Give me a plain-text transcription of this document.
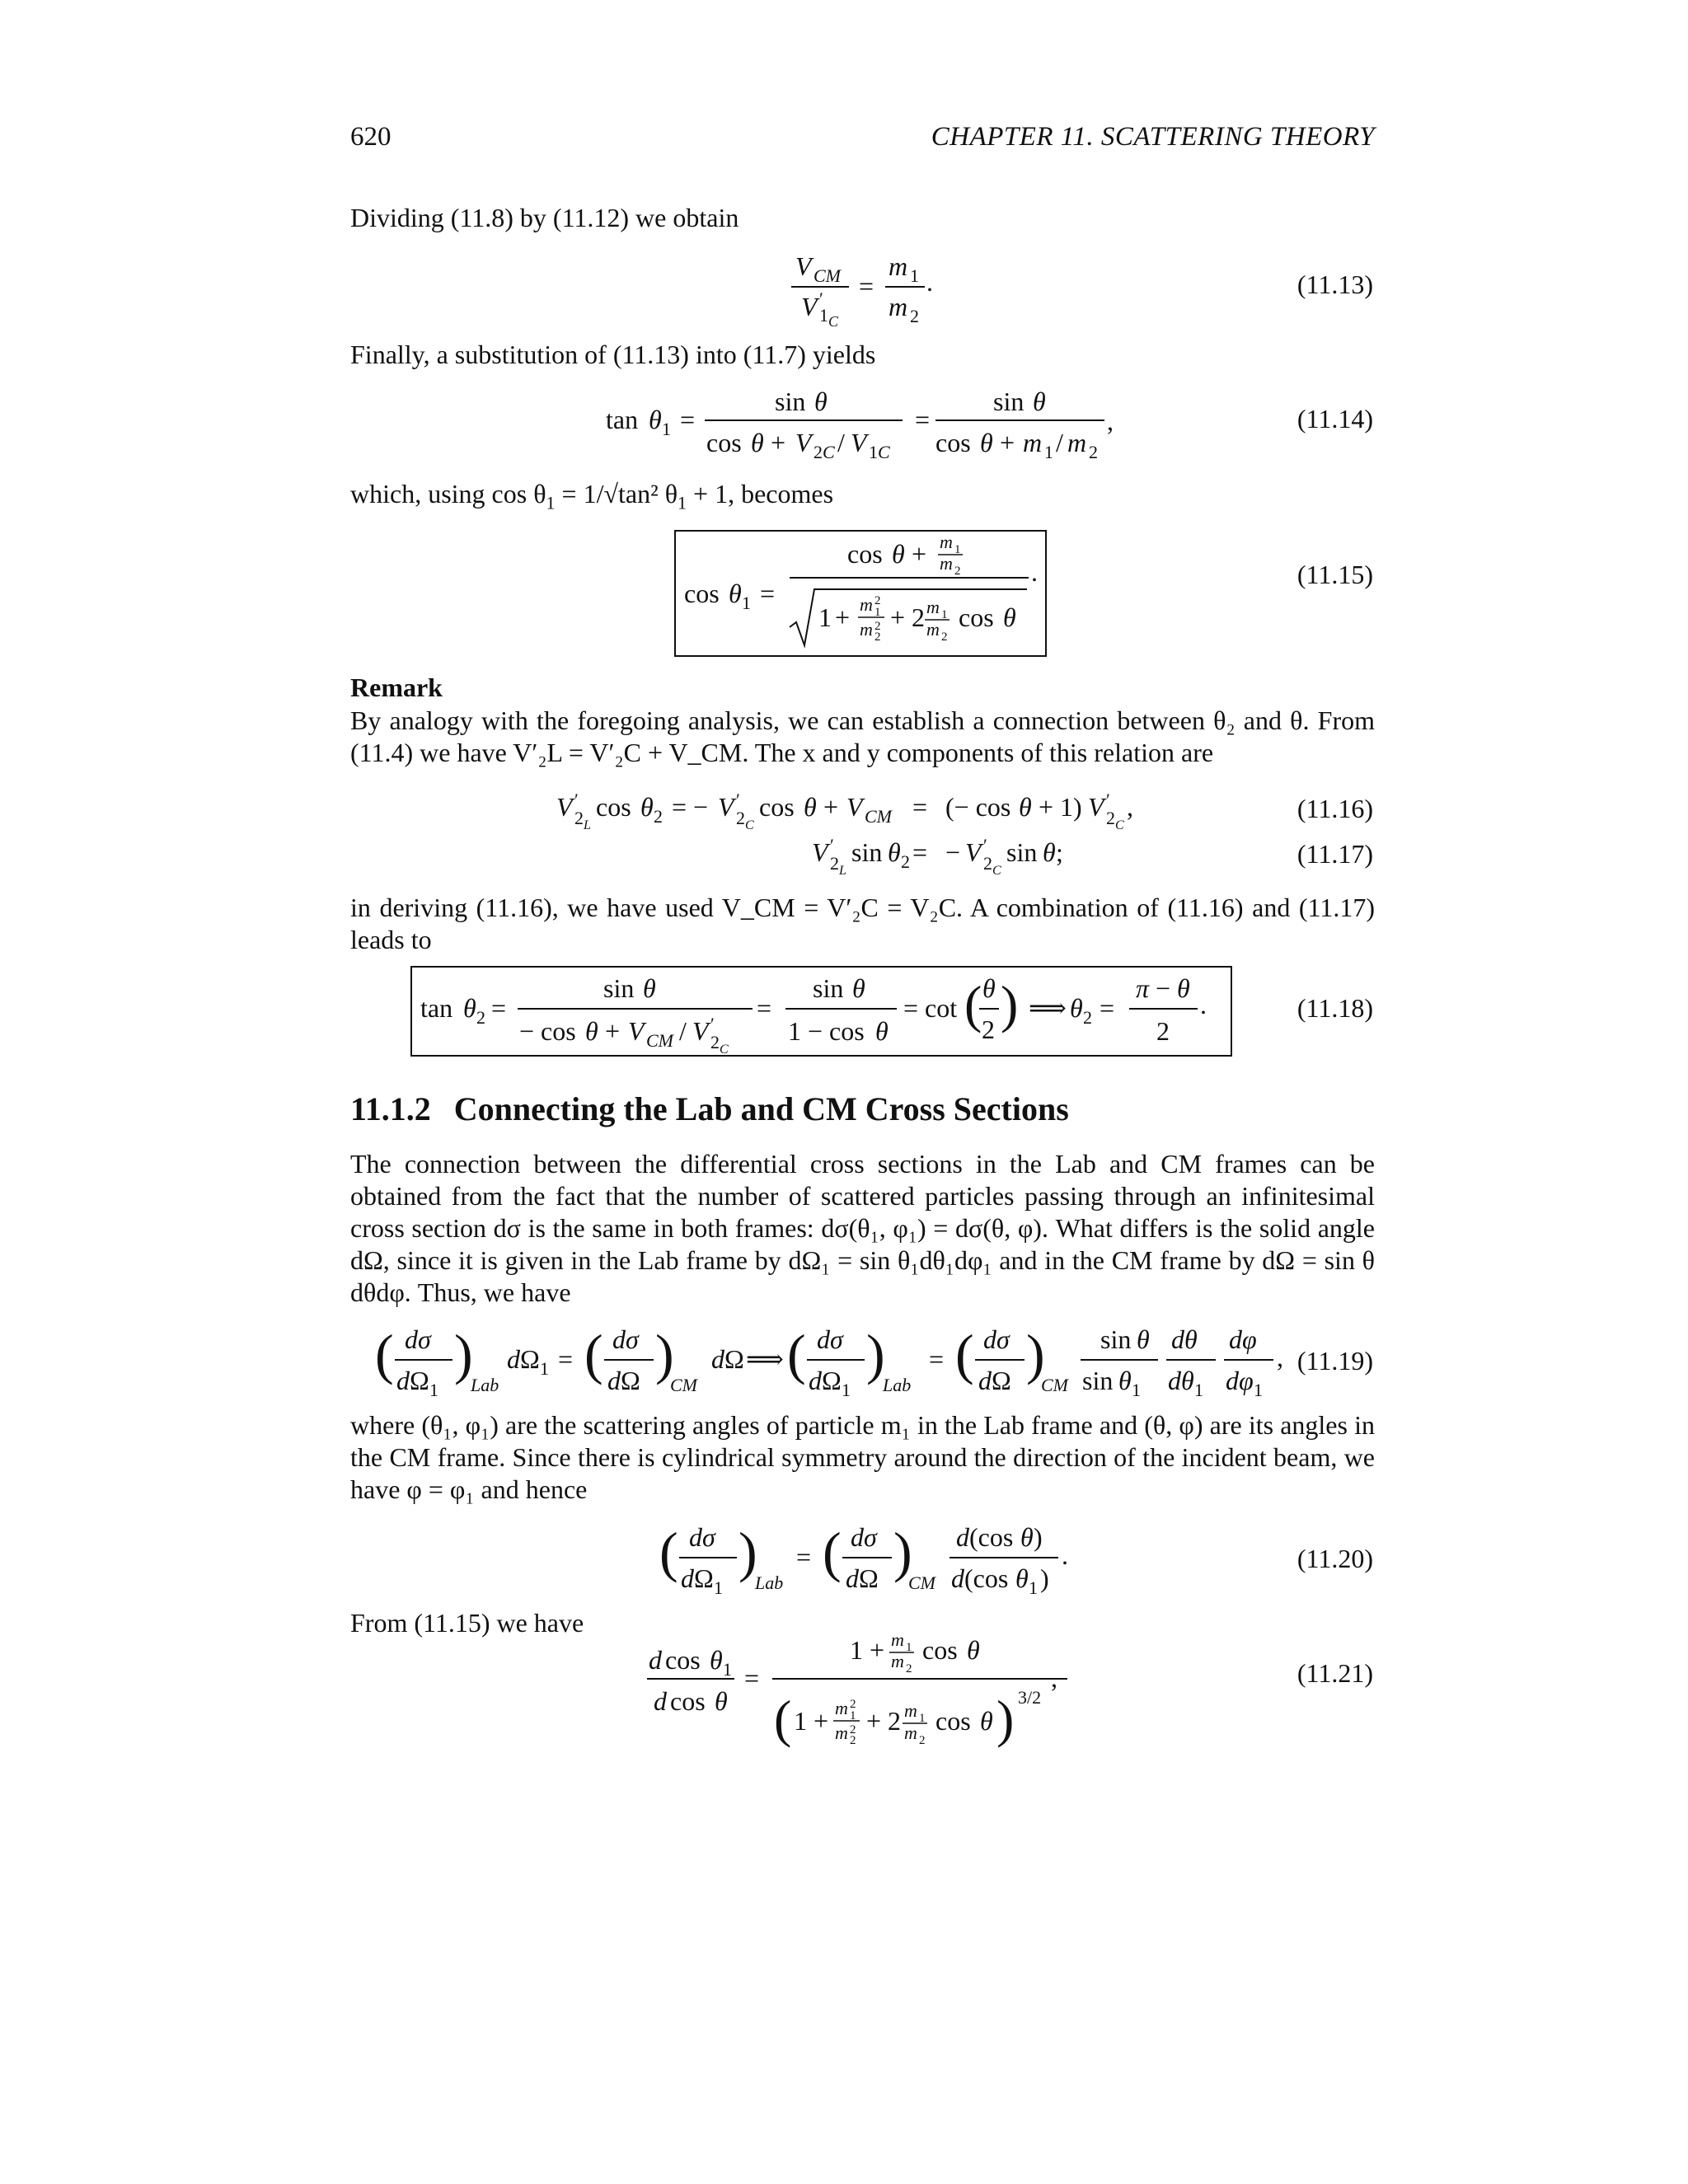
620	CHAPTER 11. SCATTERING THEORY
Dividing (11.8) by (11.12) we obtain
V CM
V ′
1 C
=
m 1
m 2
.	(11.13)
Finally, a substitution of (11.13) into (11.7) yields
tan θ 1 =
sin θ
cos θ + V 2 C / V 1 C
=
sin θ
cos θ + m 1 / m 2
,	(11.14)
which, using $\cos \theta_1 = 1/√\tan^2$ $\theta_1 + 1$, becomes
cos θ 1 =
cos θ + m 1
m 2	.
1 + m 2
1
m 2
2
+ 2 m 1
m 2
cos θ
(11.15)
Remark

By analogy with the foregoing analysis, we can establish a connection between θ₂ and θ. From (11.4) we have V′₂L = V′₂C + V_CM. The x and y components of this relation are

V ′
2 L
cos θ 2 = − V ′
2 C
cos θ + V CM = (− cos θ + 1) V ′
2 C
,
V ′
2 L
sin θ 2 = − V ′
2 C
sin θ ;
(11.16)
(11.17)

in deriving (11.16), we have used V_CM = V′₂C = V₂C. A combination of (11.16) and (11.17) leads to

tan θ 2 =
sin θ
− cos θ + V CM / V ′
2 C
=
sin θ
1 − cos θ
= cot ( θ
2 ) ⟹ θ 2 =
π − θ
2
.	(11.18)
11.1.2 Connecting the Lab and CM Cross Sections

The connection between the differential cross sections in the Lab and CM frames can be obtained from the fact that the number of scattered particles passing through an infinitesimal cross section dσ is the same in both frames: dσ(θ₁, φ₁) = dσ(θ, φ). What differs is the solid angle dΩ, since it is given in the Lab frame by dΩ₁ = sin θ₁dθ₁dφ₁ and in the CM frame by dΩ = sin θ dθdφ. Thus, we have

( dσ
d Ω 1
)
Lab
d Ω 1 = ( dσ
d Ω )
CM
d Ω ⟹ ( dσ
d Ω 1
)
Lab
= ( dσ
d Ω )
CM
sin θ
sin θ 1
dθ
dθ 1
dφ
dφ 1
, (11.19)

where (θ₁, φ₁) are the scattering angles of particle m₁ in the Lab frame and (θ, φ) are its angles in the CM frame. Since there is cylindrical symmetry around the direction of the incident beam, we have φ = φ₁ and hence

( dσ
d Ω 1
)
Lab
= ( dσ
d Ω )
CM
d (cos θ )
d (cos θ 1 )
.	(11.20)
From (11.15) we have
d cos θ 1
d cos θ
=
1 + m 1
m 2
cos θ
( 1 + m 2
1
m 2
2
+ 2 m 1
m 2
cos θ ) 3/2
,	(11.21)
